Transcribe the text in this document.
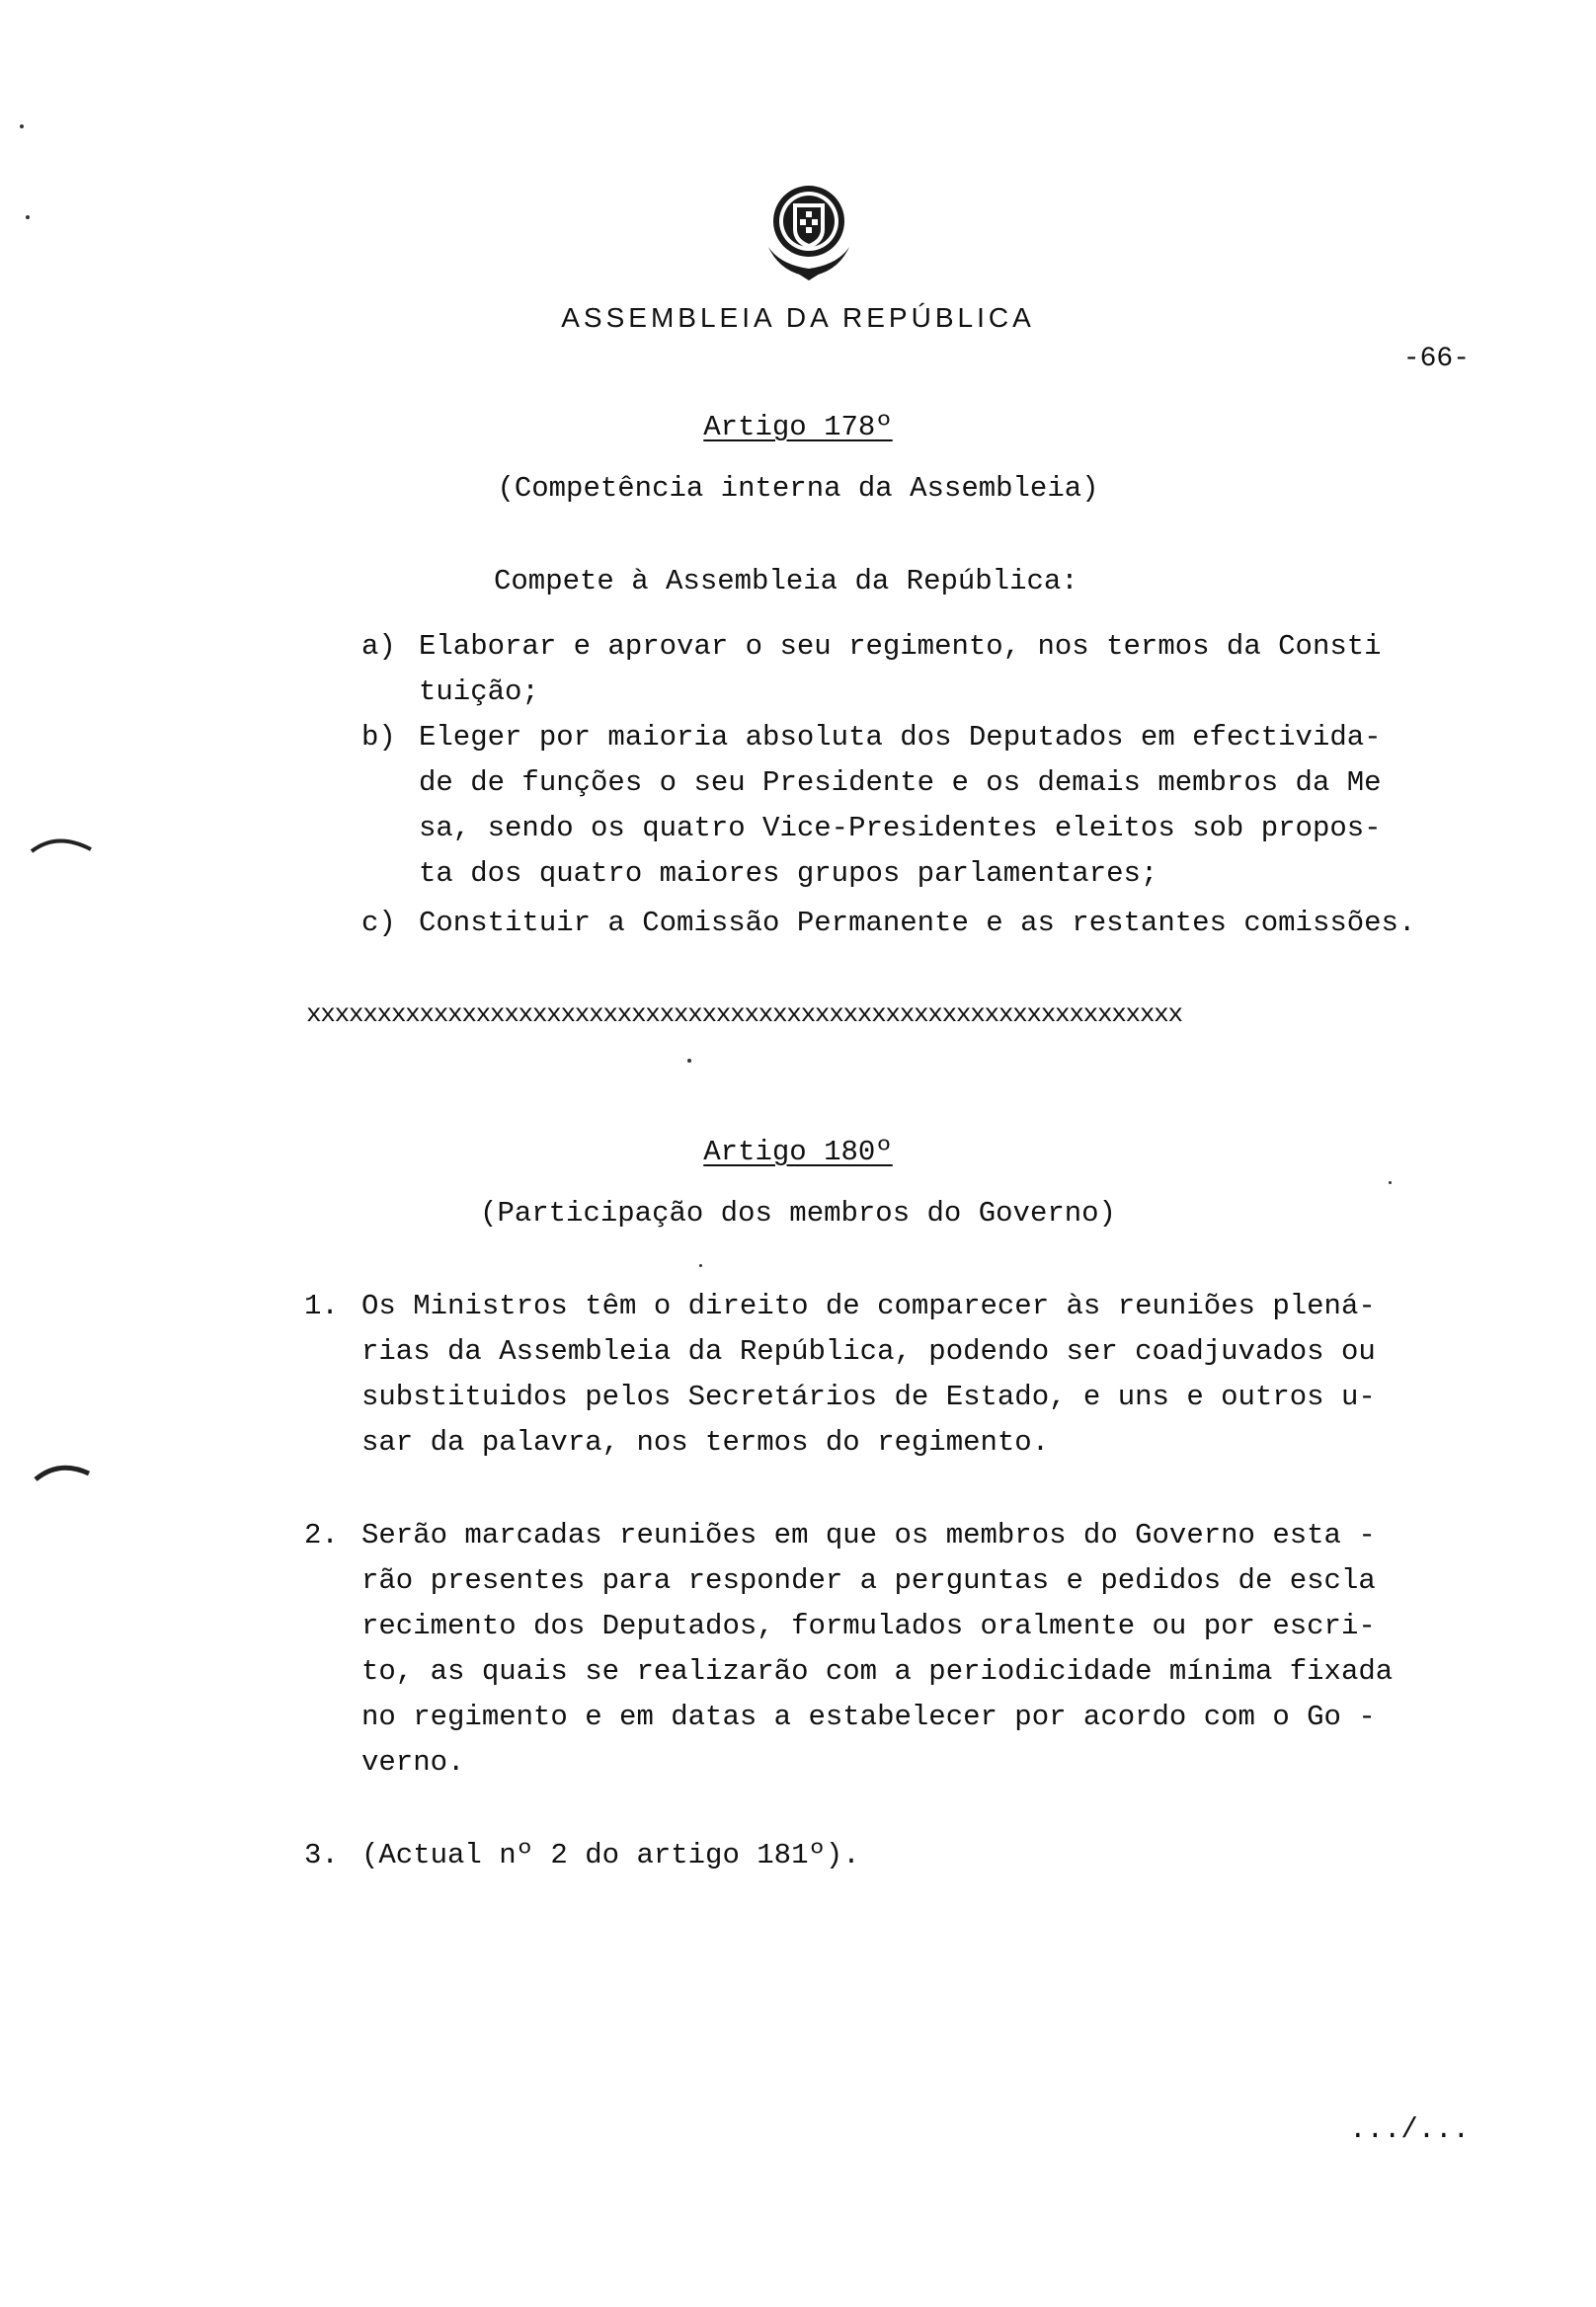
ASSEMBLEIA DA REPÚBLICA
-66-
Artigo 178º
(Competência interna da Assembleia)
Compete à Assembleia da República:
a) Elaborar e aprovar o seu regimento, nos termos da Consti
tuição;
b) Eleger por maioria absoluta dos Deputados em efectivida-
de de funções o seu Presidente e os demais membros da Me
sa, sendo os quatro Vice-Presidentes eleitos sob propos-
ta dos quatro maiores grupos parlamentares;
c) Constituir a Comissão Permanente e as restantes comissões.
xxxxxxxxxxxxxxxxxxxxxxxxxxxxxxxxxxxxxxxxxxxxxxxxxxxxxxxxxxxxxx
Artigo 180º
(Participação dos membros do Governo)
1. Os Ministros têm o direito de comparecer às reuniões plená-
rias da Assembleia da República, podendo ser coadjuvados ou
substituidos pelos Secretários de Estado, e uns e outros u-
sar da palavra, nos termos do regimento.
2. Serão marcadas reuniões em que os membros do Governo esta -
rão presentes para responder a perguntas e pedidos de escla
recimento dos Deputados, formulados oralmente ou por escri-
to, as quais se realizarão com a periodicidade mínima fixada
no regimento e em datas a estabelecer por acordo com o Go -
verno.
3. (Actual nº 2 do artigo 181º).
.../...
